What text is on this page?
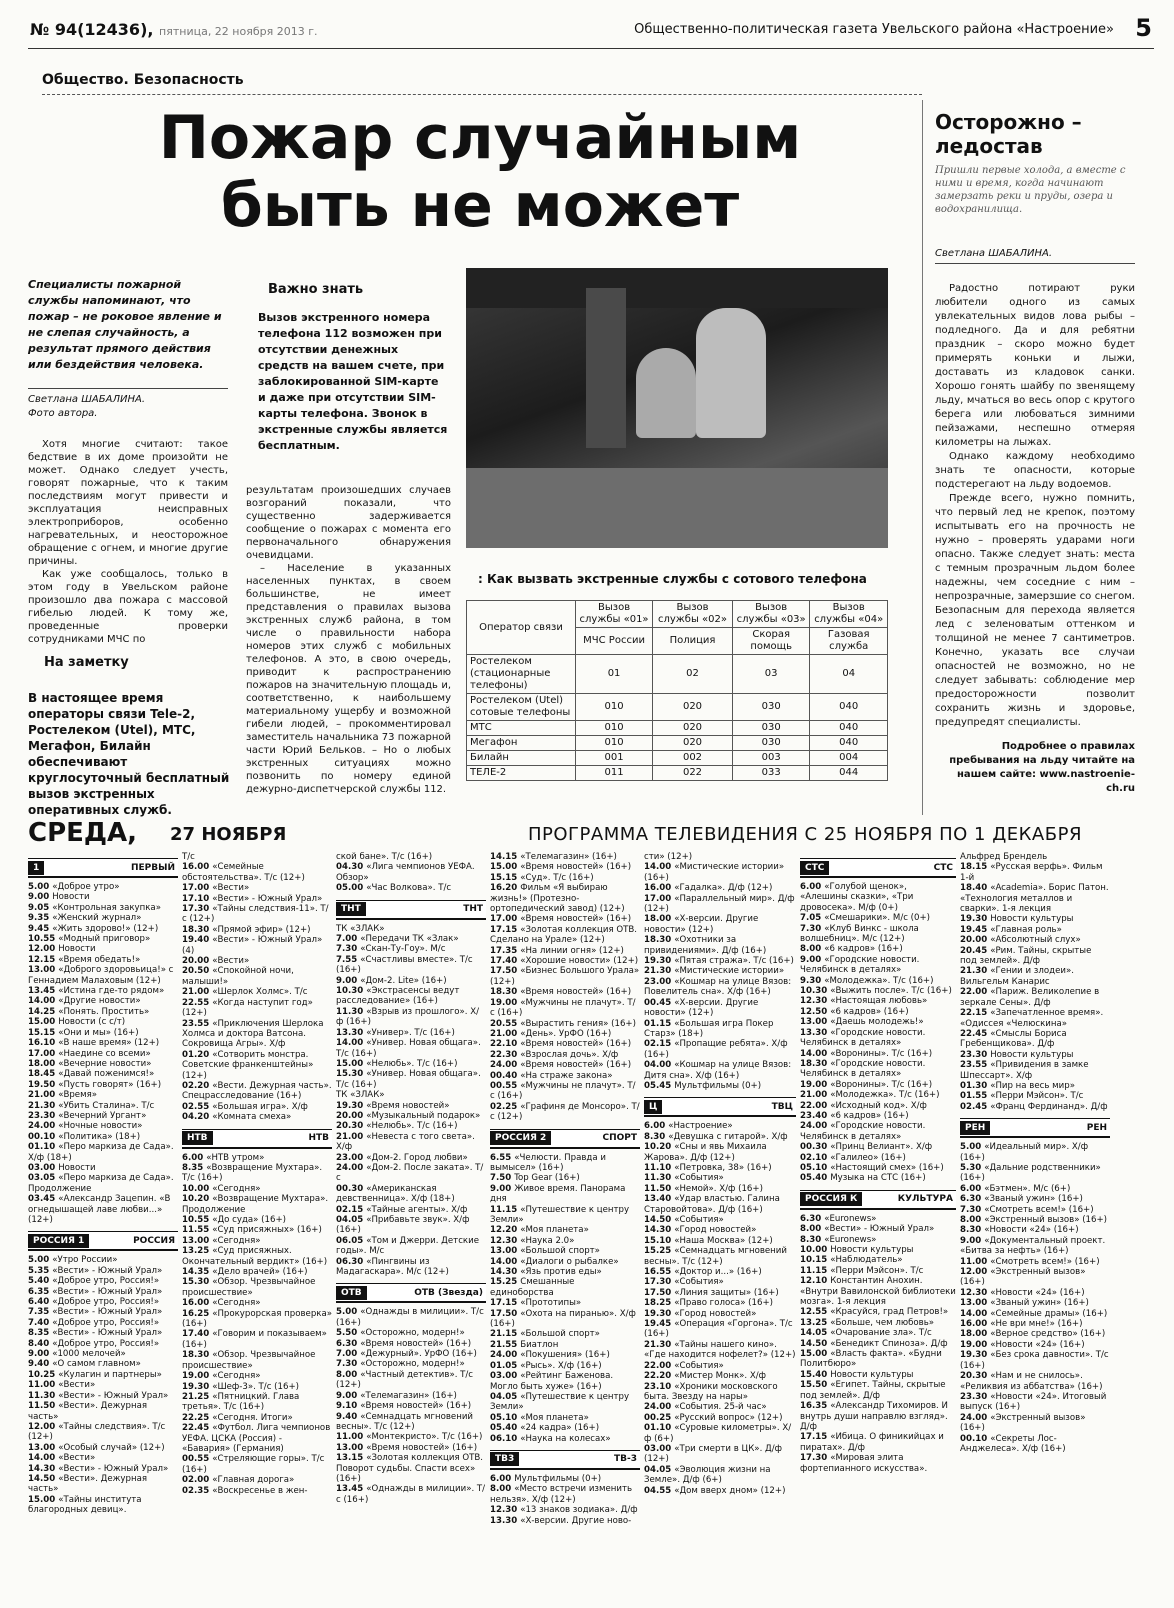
№ 94(12436), пятница, 22 ноября 2013 г.	Общественно-политическая газета Увельского района «Настроение» 5
Общество. Безопасность
Пожар случайным
быть не может
Специалисты пожарной службы напоминают, что пожар – не роковое явление и не слепая случайность, а результат прямого действия или бездействия человека.
Светлана ШАБАЛИНА.
Фото автора.

Хотя многие считают: такое бедствие в их доме произойти не может. Однако следует учесть, говорят пожарные, что к таким последствиям могут привести и эксплуатация неисправных электроприборов, особенно нагревательных, и неосторожное обращение с огнем, и многие другие причины.

Как уже сообщалось, только в этом году в Увельском районе произошло два пожара с массовой гибелью людей. К тому же, проведенные проверки сотрудниками МЧС по

На заметку
В настоящее время операторы связи Tele-2, Ростелеком (Utel), МТС, Мегафон, Билайн обеспечивают круглосуточный бесплатный вызов экстренных оперативных служб.
Важно знать
Вызов экстренного номера телефона 112 возможен при отсутствии денежных средств на вашем счете, при заблокированной SIM-карте и даже при отсутствии SIM-карты телефона. Звонок в экстренные службы является бесплатным.

результатам произошедших случаев возгораний показали, что существенно задерживается сообщение о пожарах с момента его первоначального обнаружения очевидцами.

– Население в указанных населенных пунктах, в своем большинстве, не имеет представления о правилах вызова экстренных служб района, в том числе о правильности набора номеров этих служб с мобильных телефонов. А это, в свою очередь, приводит к распространению пожаров на значительную площадь и, соответственно, к наибольшему материальному ущербу и возможной гибели людей, – прокомментировал заместитель начальника 73 пожарной части Юрий Бельков. – Но о любых экстренных ситуациях можно позвонить по номеру единой дежурно-диспетчерской службы 112.

: Как вызвать экстренные службы с сотового телефона
Оператор связи	Вызов службы «01»	Вызов службы «02»	Вызов службы «03»	Вызов службы «04»
	МЧС России	Полиция	Скорая помощь	Газовая служба
Ростелеком (стационарные телефоны)	01	02	03	04
Ростелеком (Utel) сотовые телефоны	010	020	030	040
МТС	010	020	030	040
Мегафон	010	020	030	040
Билайн	001	002	003	004
ТЕЛЕ-2	011	022	033	044
Осторожно – ледостав
Пришли первые холода, а вместе с ними и время, когда начинают замерзать реки и пруды, озера и водохранилища.
Светлана ШАБАЛИНА.

Радостно потирают руки любители одного из самых увлекательных видов лова рыбы – подледного. Да и для ребятни праздник – скоро можно будет примерять коньки и лыжи, доставать из кладовок санки. Хорошо гонять шайбу по звенящему льду, мчаться во весь опор с крутого берега или любоваться зимними пейзажами, неспешно отмеряя километры на лыжах.

Однако каждому необходимо знать те опасности, которые подстерегают на льду водоемов.

Прежде всего, нужно помнить, что первый лед не крепок, поэтому испытывать его на прочность не нужно – проверять ударами ноги опасно. Также следует знать: места с темным прозрачным льдом более надежны, чем соседние с ним – непрозрачные, замерзшие со снегом. Безопасным для перехода является лед с зеленоватым оттенком и толщиной не менее 7 сантиметров. Конечно, указать все случаи опасностей не возможно, но не следует забывать: соблюдение мер предосторожности позволит сохранить жизнь и здоровье, предупредят специалисты.

Подробнее о правилах пребывания на льду читайте на нашем сайте: www.nastroenie-ch.ru
СРЕДА, 27 НОЯБРЯ	ПРОГРАММА ТЕЛЕВИДЕНИЯ С 25 НОЯБРЯ ПО 1 ДЕКАБРЯ
1	ПЕРВЫЙ
5.00 «Доброе утро»
9.00 Новости
9.05 «Контрольная закупка»
9.35 «Женский журнал»
9.45 «Жить здорово!» (12+)
10.55 «Модный приговор»
12.00 Новости
12.15 «Время обедать!»
13.00 «Доброго здоровьица!» с Геннадием Малаховым (12+)
13.45 «Истина где-то рядом»
14.00 «Другие новости»
14.25 «Понять. Простить»
15.00 Новости (с с/т)
15.15 «Они и мы» (16+)
16.10 «В наше время» (12+)
17.00 «Наедине со всеми»
18.00 «Вечерние новости»
18.45 «Давай поженимся!»
19.50 «Пусть говорят» (16+)
21.00 «Время»
21.30 «Убить Сталина». Т/с
23.30 «Вечерний Ургант»
24.00 «Ночные новости»
00.10 «Политика» (18+)
01.10 «Перо маркиза де Сада». Х/ф (18+)
03.00 Новости
03.05 «Перо маркиза де Сада». Продолжение
03.45 «Александр Зацепин. «В огнедышащей лаве любви...» (12+)
РОССИЯ 1	РОССИЯ
5.00 «Утро России»
5.35 «Вести» - Южный Урал»
5.40 «Доброе утро, Россия!»
6.35 «Вести» - Южный Урал»
6.40 «Доброе утро, Россия!»
7.35 «Вести» - Южный Урал»
7.40 «Доброе утро, Россия!»
8.35 «Вести» - Южный Урал»
8.40 «Доброе утро, Россия!»
9.00 «1000 мелочей»
9.40 «О самом главном»
10.25 «Кулагин и партнеры»
11.00 «Вести»
11.30 «Вести» - Южный Урал»
11.50 «Вести». Дежурная часть»
12.00 «Тайны следствия». Т/с (12+)
13.00 «Особый случай» (12+)
14.00 «Вести»
14.30 «Вести» - Южный Урал»
14.50 «Вести». Дежурная часть»
15.00 «Тайны института благородных девиц».
Т/с
16.00 «Семейные обстоятельства». Т/с (12+)
17.00 «Вести»
17.10 «Вести» - Южный Урал»
17.30 «Тайны следствия-11». Т/с (12+)
18.30 «Прямой эфир» (12+)
19.40 «Вести» - Южный Урал» (4)
20.00 «Вести»
20.50 «Спокойной ночи, малыши!»
21.00 «Шерлок Холмс». Т/с
22.55 «Когда наступит год» (12+)
23.55 «Приключения Шерлока Холмса и доктора Ватсона. Сокровища Агры». Х/ф
01.20 «Сотворить монстра. Советские франкенштейны» (12+)
02.20 «Вести. Дежурная часть». Спецрасследование (16+)
02.55 «Большая игра». Х/ф
04.20 «Комната смеха»
НТВ	НТВ
6.00 «НТВ утром»
8.35 «Возвращение Мухтара». Т/с (16+)
10.00 «Сегодня»
10.20 «Возвращение Мухтара». Продолжение
10.55 «До суда» (16+)
11.55 «Суд присяжных» (16+)
13.00 «Сегодня»
13.25 «Суд присяжных. Окончательный вердикт» (16+)
14.35 «Дело врачей» (16+)
15.30 «Обзор. Чрезвычайное происшествие»
16.00 «Сегодня»
16.25 «Прокурорская проверка» (16+)
17.40 «Говорим и показываем» (16+)
18.30 «Обзор. Чрезвычайное происшествие»
19.00 «Сегодня»
19.30 «Шеф-3». Т/с (16+)
21.25 «Пятницкий. Глава третья». Т/с (16+)
22.25 «Сегодня. Итоги»
22.45 «Футбол. Лига чемпионов УЕФА. ЦСКА (Россия) - «Бавария» (Германия)
00.55 «Стреляющие горы». Т/с (16+)
02.00 «Главная дорога»
02.35 «Воскресенье в жен-
ской бане». Т/с (16+)
04.30 «Лига чемпионов УЕФА. Обзор»
05.00 «Час Волкова». Т/с
ТНТ	ТНТ
ТК «ЗЛАК»
7.00 «Передачи ТК «Злак»
7.30 «Скан-Ту-Гоу». М/с
7.55 «Счастливы вместе». Т/с (16+)
9.00 «Дом-2. Lite» (16+)
10.30 «Экстрасенсы ведут расследование» (16+)
11.30 «Взрыв из прошлого». Х/ф (16+)
13.30 «Универ». Т/с (16+)
14.00 «Универ. Новая общага». Т/с (16+)
15.00 «Нелюбь». Т/с (16+)
15.30 «Универ. Новая общага». Т/с (16+)
ТК «ЗЛАК»
19.30 «Время новостей»
20.00 «Музыкальный подарок»
20.30 «Нелюбь». Т/с (16+)
21.00 «Невеста с того света». Х/ф
23.00 «Дом-2. Город любви»
24.00 «Дом-2. После заката». Т/с
00.30 «Американская девственница». Х/ф (18+)
02.15 «Тайные агенты». Х/ф
04.05 «Прибавьте звук». Х/ф (16+)
06.05 «Том и Джерри. Детские годы». М/с
06.30 «Пингвины из Мадагаскара». М/с (12+)
ОТВ	ОТВ (Звезда)
5.00 «Однажды в милиции». Т/с (16+)
5.50 «Осторожно, модерн!»
6.30 «Время новостей» (16+)
7.00 «Дежурный». УрФО (16+)
7.30 «Осторожно, модерн!»
8.00 «Частный детектив». Т/с (12+)
9.00 «Телемагазин» (16+)
9.10 «Время новостей» (16+)
9.40 «Семнадцать мгновений весны». Т/с (12+)
11.00 «Монтекристо». Т/с (16+)
13.00 «Время новостей» (16+)
13.15 «Золотая коллекция ОТВ. Поворот судьбы. Спасти всех» (16+)
13.45 «Однажды в милиции». Т/с (16+)
14.15 «Телемагазин» (16+)
15.00 «Время новостей» (16+)
15.15 «Суд». Т/с (16+)
16.20 Фильм «Я выбираю жизнь!» (Протезно-ортопедический завод) (12+)
17.00 «Время новостей» (16+)
17.15 «Золотая коллекция ОТВ. Сделано на Урале» (12+)
17.35 «На линии огня» (12+)
17.40 «Хорошие новости» (12+)
17.50 «Бизнес Большого Урала» (12+)
18.30 «Время новостей» (16+)
19.00 «Мужчины не плачут». Т/с (16+)
20.55 «Вырастить гения» (16+)
21.00 «День». УрФО (16+)
22.10 «Время новостей» (16+)
22.30 «Взрослая дочь». Х/ф
24.00 «Время новостей» (16+)
00.40 «На страже закона»
00.55 «Мужчины не плачут». Т/с (16+)
02.25 «Графиня де Монсоро». Т/с (12+)
РОССИЯ 2	СПОРТ
6.55 «Челюсти. Правда и вымысел» (16+)
7.50 Top Gear (16+)
9.00 Живое время. Панорама дня
11.15 «Путешествие к центру Земли»
12.20 «Моя планета»
12.30 «Наука 2.0»
13.00 «Большой спорт»
14.00 «Диалоги о рыбалке»
14.30 «Язь против еды»
15.25 Смешанные единоборства
17.15 «Прототипы»
17.50 «Охота на пиранью». Х/ф (16+)
21.15 «Большой спорт»
21.55 Биатлон
24.00 «Покушения» (16+)
01.05 «Рысь». Х/ф (16+)
03.00 «Рейтинг Баженова. Могло быть хуже» (16+)
04.05 «Путешествие к центру Земли»
05.10 «Моя планета»
05.40 «24 кадра» (16+)
06.10 «Наука на колесах»
ТВ3	ТВ-3
6.00 Мультфильмы (0+)
8.00 «Место встречи изменить нельзя». Х/ф (12+)
12.30 «13 знаков зодиака». Д/ф
13.30 «Х-версии. Другие ново-
сти» (12+)
14.00 «Мистические истории» (16+)
16.00 «Гадалка». Д/ф (12+)
17.00 «Параллельный мир». Д/ф (12+)
18.00 «Х-версии. Другие новости» (12+)
18.30 «Охотники за привидениями». Д/ф (16+)
19.30 «Пятая стража». Т/с (16+)
21.30 «Мистические истории»
23.00 «Кошмар на улице Вязов: Повелитель сна». Х/ф (16+)
00.45 «Х-версии. Другие новости» (12+)
01.15 «Большая игра Покер Старз» (18+)
02.15 «Пропащие ребята». Х/ф (16+)
04.00 «Кошмар на улице Вязов: Дитя сна». Х/ф (16+)
05.45 Мультфильмы (0+)
Ц	ТВЦ
6.00 «Настроение»
8.30 «Девушка с гитарой». Х/ф
10.20 «Сны и явь Михаила Жарова». Д/ф (12+)
11.10 «Петровка, 38» (16+)
11.30 «События»
11.50 «Немой». Х/ф (16+)
13.40 «Удар властью. Галина Старовойтова». Д/ф (16+)
14.50 «События»
14.30 «Город новостей»
15.10 «Наша Москва» (12+)
15.25 «Семнадцать мгновений весны». Т/с (12+)
16.55 «Доктор и...» (16+)
17.30 «События»
17.50 «Линия защиты» (16+)
18.25 «Право голоса» (16+)
19.30 «Город новостей»
19.45 «Операция «Горгона». Т/с (16+)
21.30 «Тайны нашего кино». «Где находится нофелет?» (12+)
22.00 «События»
22.20 «Мистер Монк». Х/ф
23.10 «Хроники московского быта. Звезду на нары»
24.00 «События. 25-й час»
00.25 «Русский вопрос» (12+)
01.10 «Суровые километры». Х/ф (6+)
03.00 «Три смерти в ЦК». Д/ф (12+)
04.05 «Эволюция жизни на Земле». Д/ф (6+)
04.55 «Дом вверх дном» (12+)
СТС	СТС
6.00 «Голубой щенок», «Алешины сказки», «Три дровосека». М/ф (0+)
7.05 «Смешарики». М/с (0+)
7.30 «Клуб Винкс - школа волшебниц». М/с (12+)
8.00 «6 кадров» (16+)
9.00 «Городские новости. Челябинск в деталях»
9.30 «Молодежка». Т/с (16+)
10.30 «Выжить после». Т/с (16+)
12.30 «Настоящая любовь»
12.50 «6 кадров» (16+)
13.00 «Даешь молодежь!»
13.30 «Городские новости. Челябинск в деталях»
14.00 «Воронины». Т/с (16+)
18.30 «Городские новости. Челябинск в деталях»
19.00 «Воронины». Т/с (16+)
21.00 «Молодежка». Т/с (16+)
22.00 «Исходный код». Х/ф
23.40 «6 кадров» (16+)
24.00 «Городские новости. Челябинск в деталях»
00.30 «Принц Велиант». Х/ф
02.10 «Галилео» (16+)
05.10 «Настоящий смех» (16+)
05.40 Музыка на СТС (16+)
РОССИЯ К	КУЛЬТУРА
6.30 «Euronews»
8.00 «Вести» - Южный Урал»
8.30 «Euronews»
10.00 Новости культуры
10.15 «Наблюдатель»
11.15 «Перри Мэйсон». Т/с
12.10 Константин Анохин. «Внутри Вавилонской библиотеки мозга». 1-я лекция
12.55 «Красуйся, град Петров!»
13.25 «Больше, чем любовь»
14.05 «Очарование зла». Т/с
14.50 «Бенедикт Спиноза». Д/ф
15.00 «Власть факта». «Будни Политбюро»
15.40 Новости культуры
15.50 «Египет. Тайны, скрытые под землей». Д/ф
16.35 «Александр Тихомиров. И внутрь души направлю взгляд». Д/ф
17.15 «Ибица. О финикийцах и пиратах». Д/ф
17.30 «Мировая элита фортепианного искусства».
Альфред Брендель
18.15 «Русская верфь». Фильм 1-й
18.40 «Academia». Борис Патон. «Технология металлов и сварки». 1-я лекция
19.30 Новости культуры
19.45 «Главная роль»
20.00 «Абсолютный слух»
20.45 «Рим. Тайны, скрытые под землей». Д/ф
21.30 «Гении и злодеи». Вильгельм Канарис
22.00 «Париж. Великолепие в зеркале Сены». Д/ф
22.15 «Запечатленное время». «Одиссея «Челюскина»
22.45 «Смыслы Бориса Гребенщикова». Д/ф
23.30 Новости культуры
23.55 «Привидения в замке Шпессарт». Х/ф
01.30 «Пир на весь мир»
01.55 «Перри Мэйсон». Т/с
02.45 «Франц Фердинанд». Д/ф
РЕН	РЕН
5.00 «Идеальный мир». Х/ф (16+)
5.30 «Дальние родственники» (16+)
6.00 «Бэтмен». М/с (6+)
6.30 «Званый ужин» (16+)
7.30 «Смотреть всем!» (16+)
8.00 «Экстренный вызов» (16+)
8.30 «Новости «24» (16+)
9.00 «Документальный проект. «Битва за нефть» (16+)
11.00 «Смотреть всем!» (16+)
12.00 «Экстренный вызов» (16+)
12.30 «Новости «24» (16+)
13.00 «Званый ужин» (16+)
14.00 «Семейные драмы» (16+)
16.00 «Не ври мне!» (16+)
18.00 «Верное средство» (16+)
19.00 «Новости «24» (16+)
19.30 «Без срока давности». Т/с (16+)
20.30 «Нам и не снилось». «Реликвия из аббатства» (16+)
23.30 «Новости «24». Итоговый выпуск (16+)
24.00 «Экстренный вызов» (16+)
00.10 «Секреты Лос-Анджелеса». Х/ф (16+)
